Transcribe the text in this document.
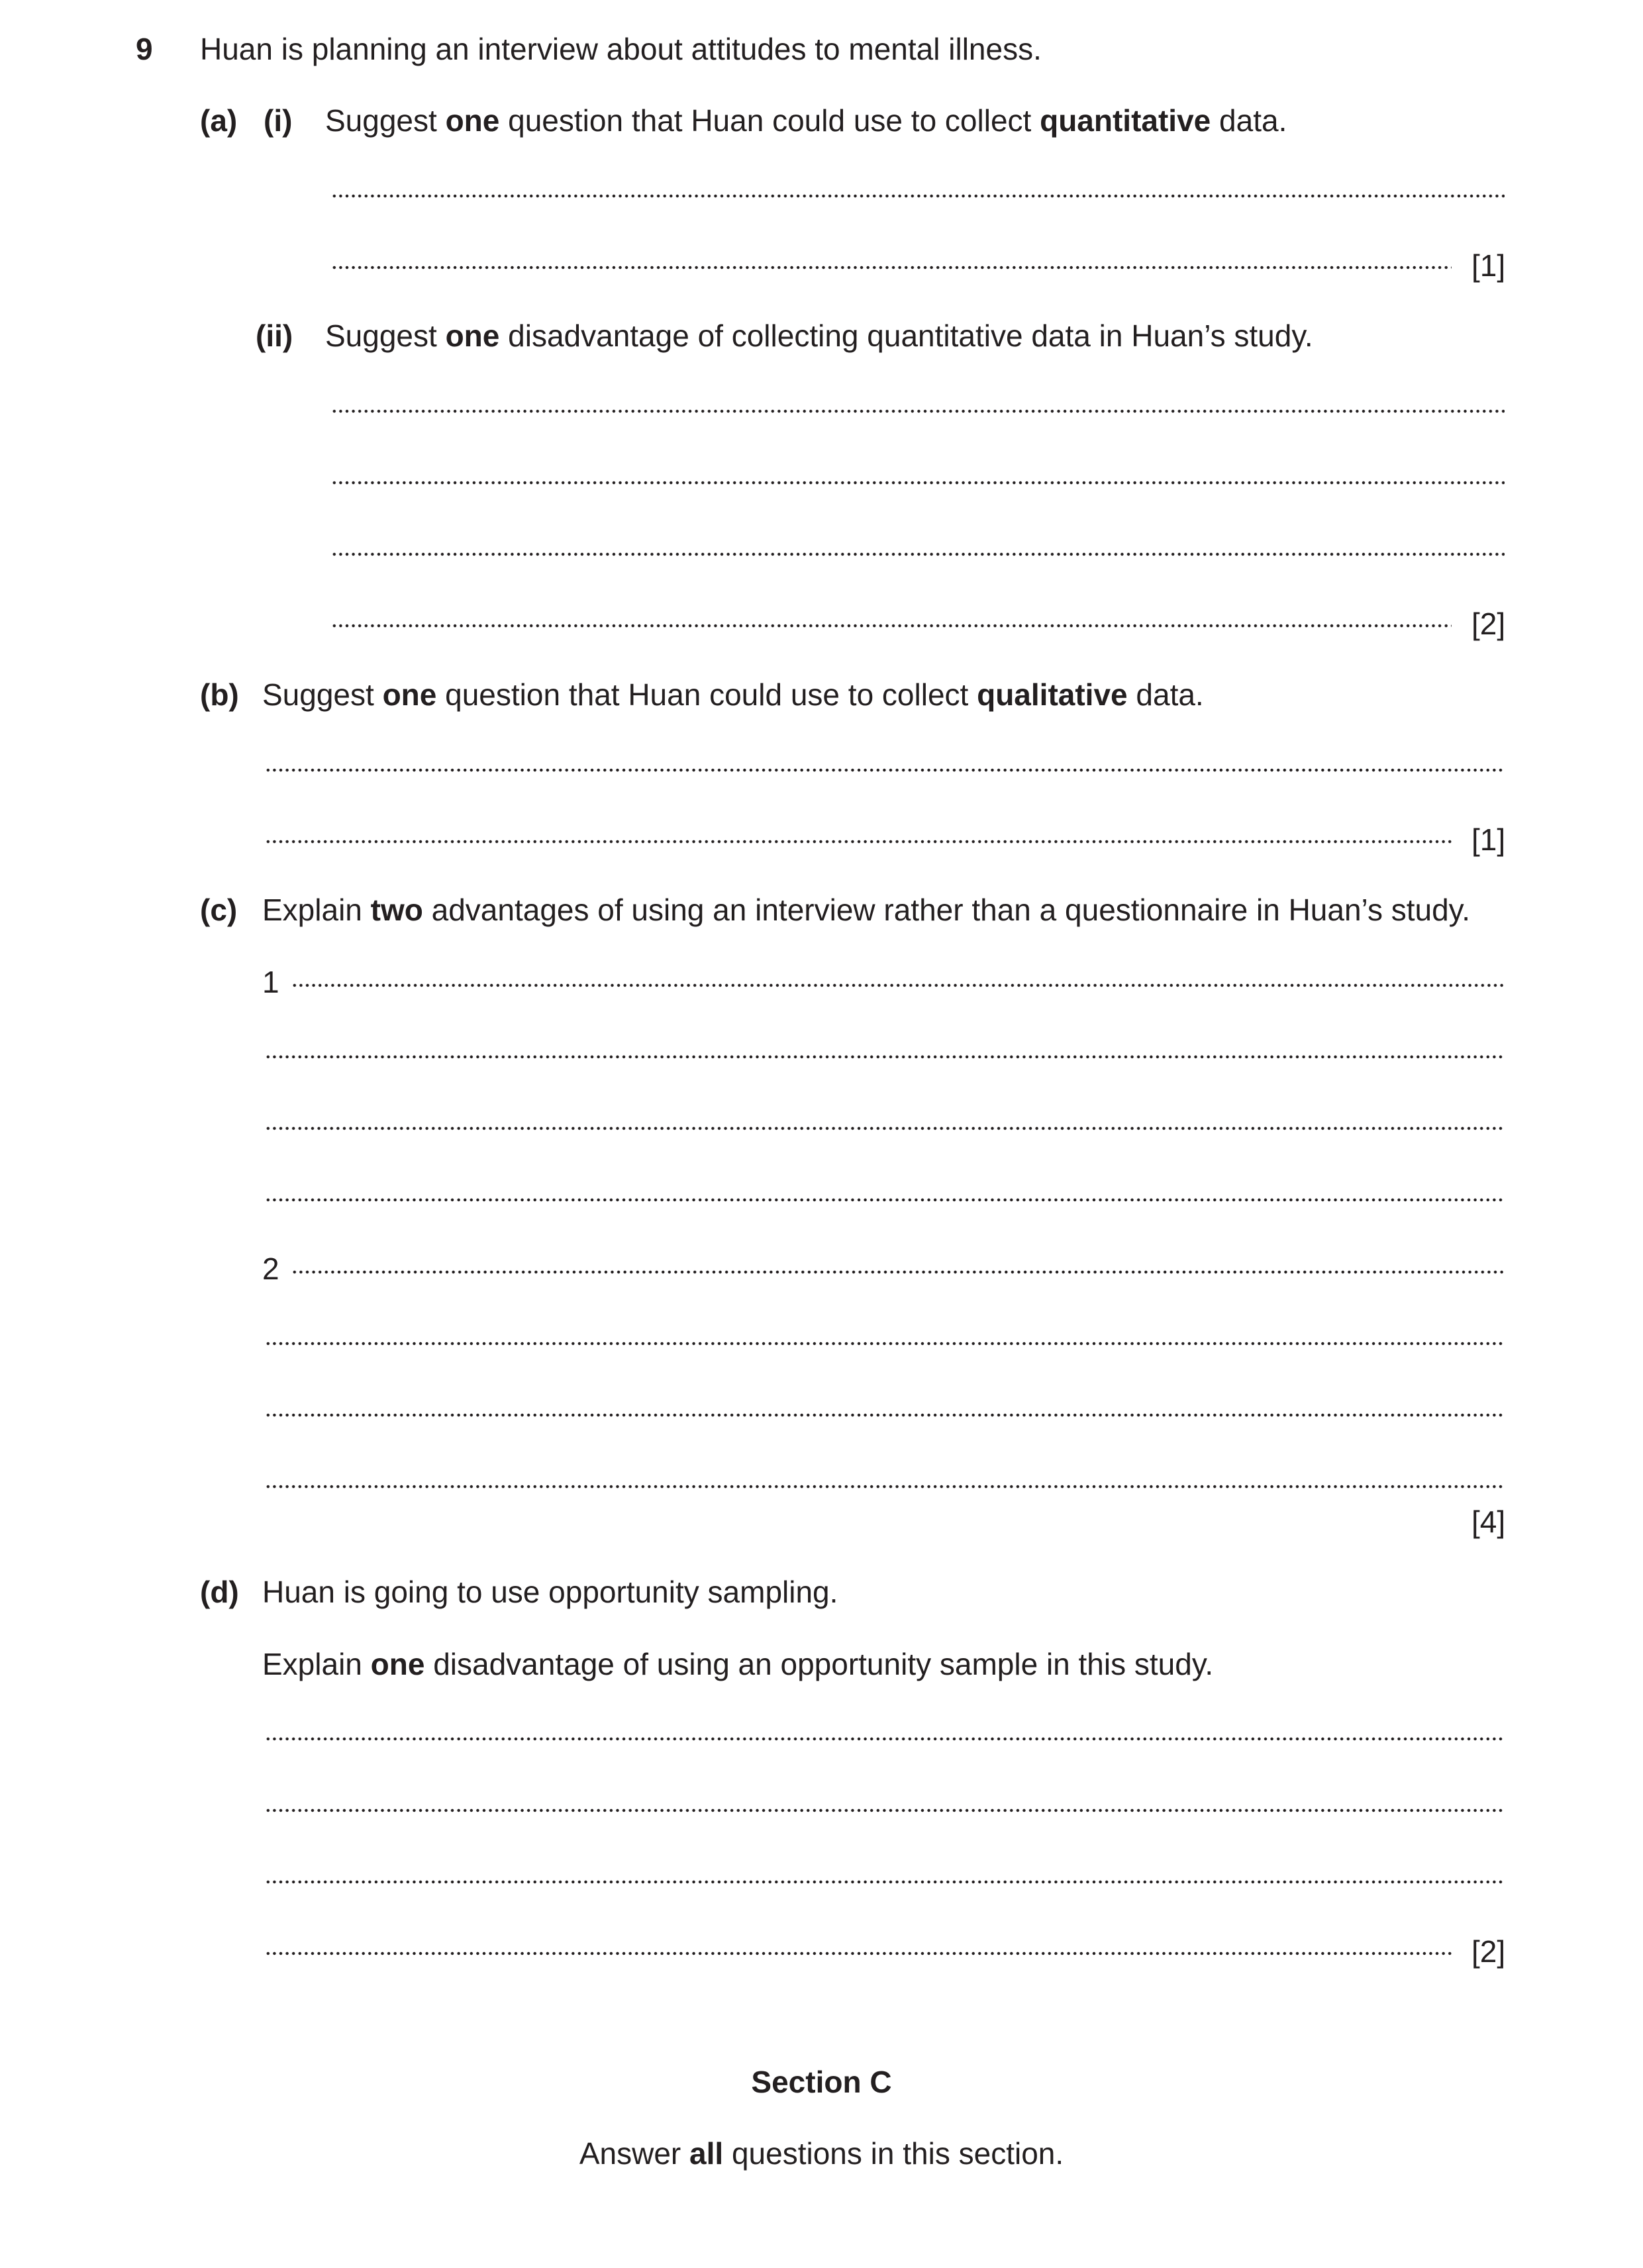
9 Huan is planning an interview about attitudes to mental illness.
(a) (i) Suggest one question that Huan could use to collect quantitative data.
[1]
(ii) Suggest one disadvantage of collecting quantitative data in Huan’s study.
[2]
(b) Suggest one question that Huan could use to collect qualitative data.
[1]
(c) Explain two advantages of using an interview rather than a questionnaire in Huan’s study.
1
2
[4]
(d) Huan is going to use opportunity sampling.
Explain one disadvantage of using an opportunity sample in this study.
[2]
Section C
Answer all questions in this section.
